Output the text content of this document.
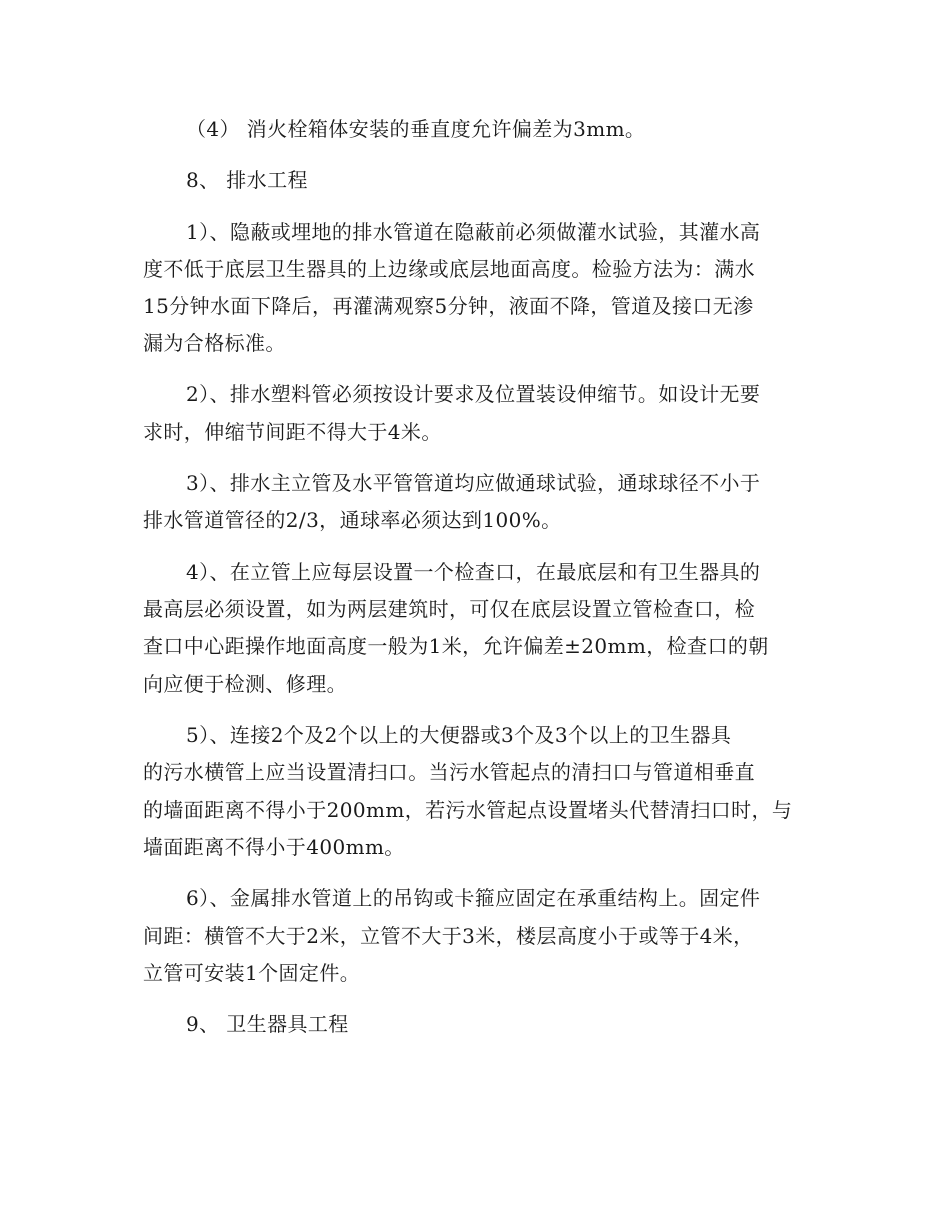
（4） 消火栓箱体安装的垂直度允许偏差为3mm。
8、 排水工程
1）、隐蔽或埋地的排水管道在隐蔽前必须做灌水试验，其灌水高
度不低于底层卫生器具的上边缘或底层地面高度。检验方法为：满水
15分钟水面下降后，再灌满观察5分钟，液面不降，管道及接口无渗
漏为合格标准。
2）、排水塑料管必须按设计要求及位置装设伸缩节。如设计无要
求时，伸缩节间距不得大于4米。
3）、排水主立管及水平管管道均应做通球试验，通球球径不小于
排水管道管径的2/3，通球率必须达到100%。
4）、在立管上应每层设置一个检查口，在最底层和有卫生器具的
最高层必须设置，如为两层建筑时，可仅在底层设置立管检查口，检
查口中心距操作地面高度一般为1米，允许偏差±20mm，检查口的朝
向应便于检测、修理。
5）、连接2个及2个以上的大便器或3个及3个以上的卫生器具
的污水横管上应当设置清扫口。当污水管起点的清扫口与管道相垂直
的墙面距离不得小于200mm，若污水管起点设置堵头代替清扫口时，与
墙面距离不得小于400mm。
6）、金属排水管道上的吊钩或卡箍应固定在承重结构上。固定件
间距：横管不大于2米，立管不大于3米，楼层高度小于或等于4米，
立管可安装1个固定件。
9、 卫生器具工程
